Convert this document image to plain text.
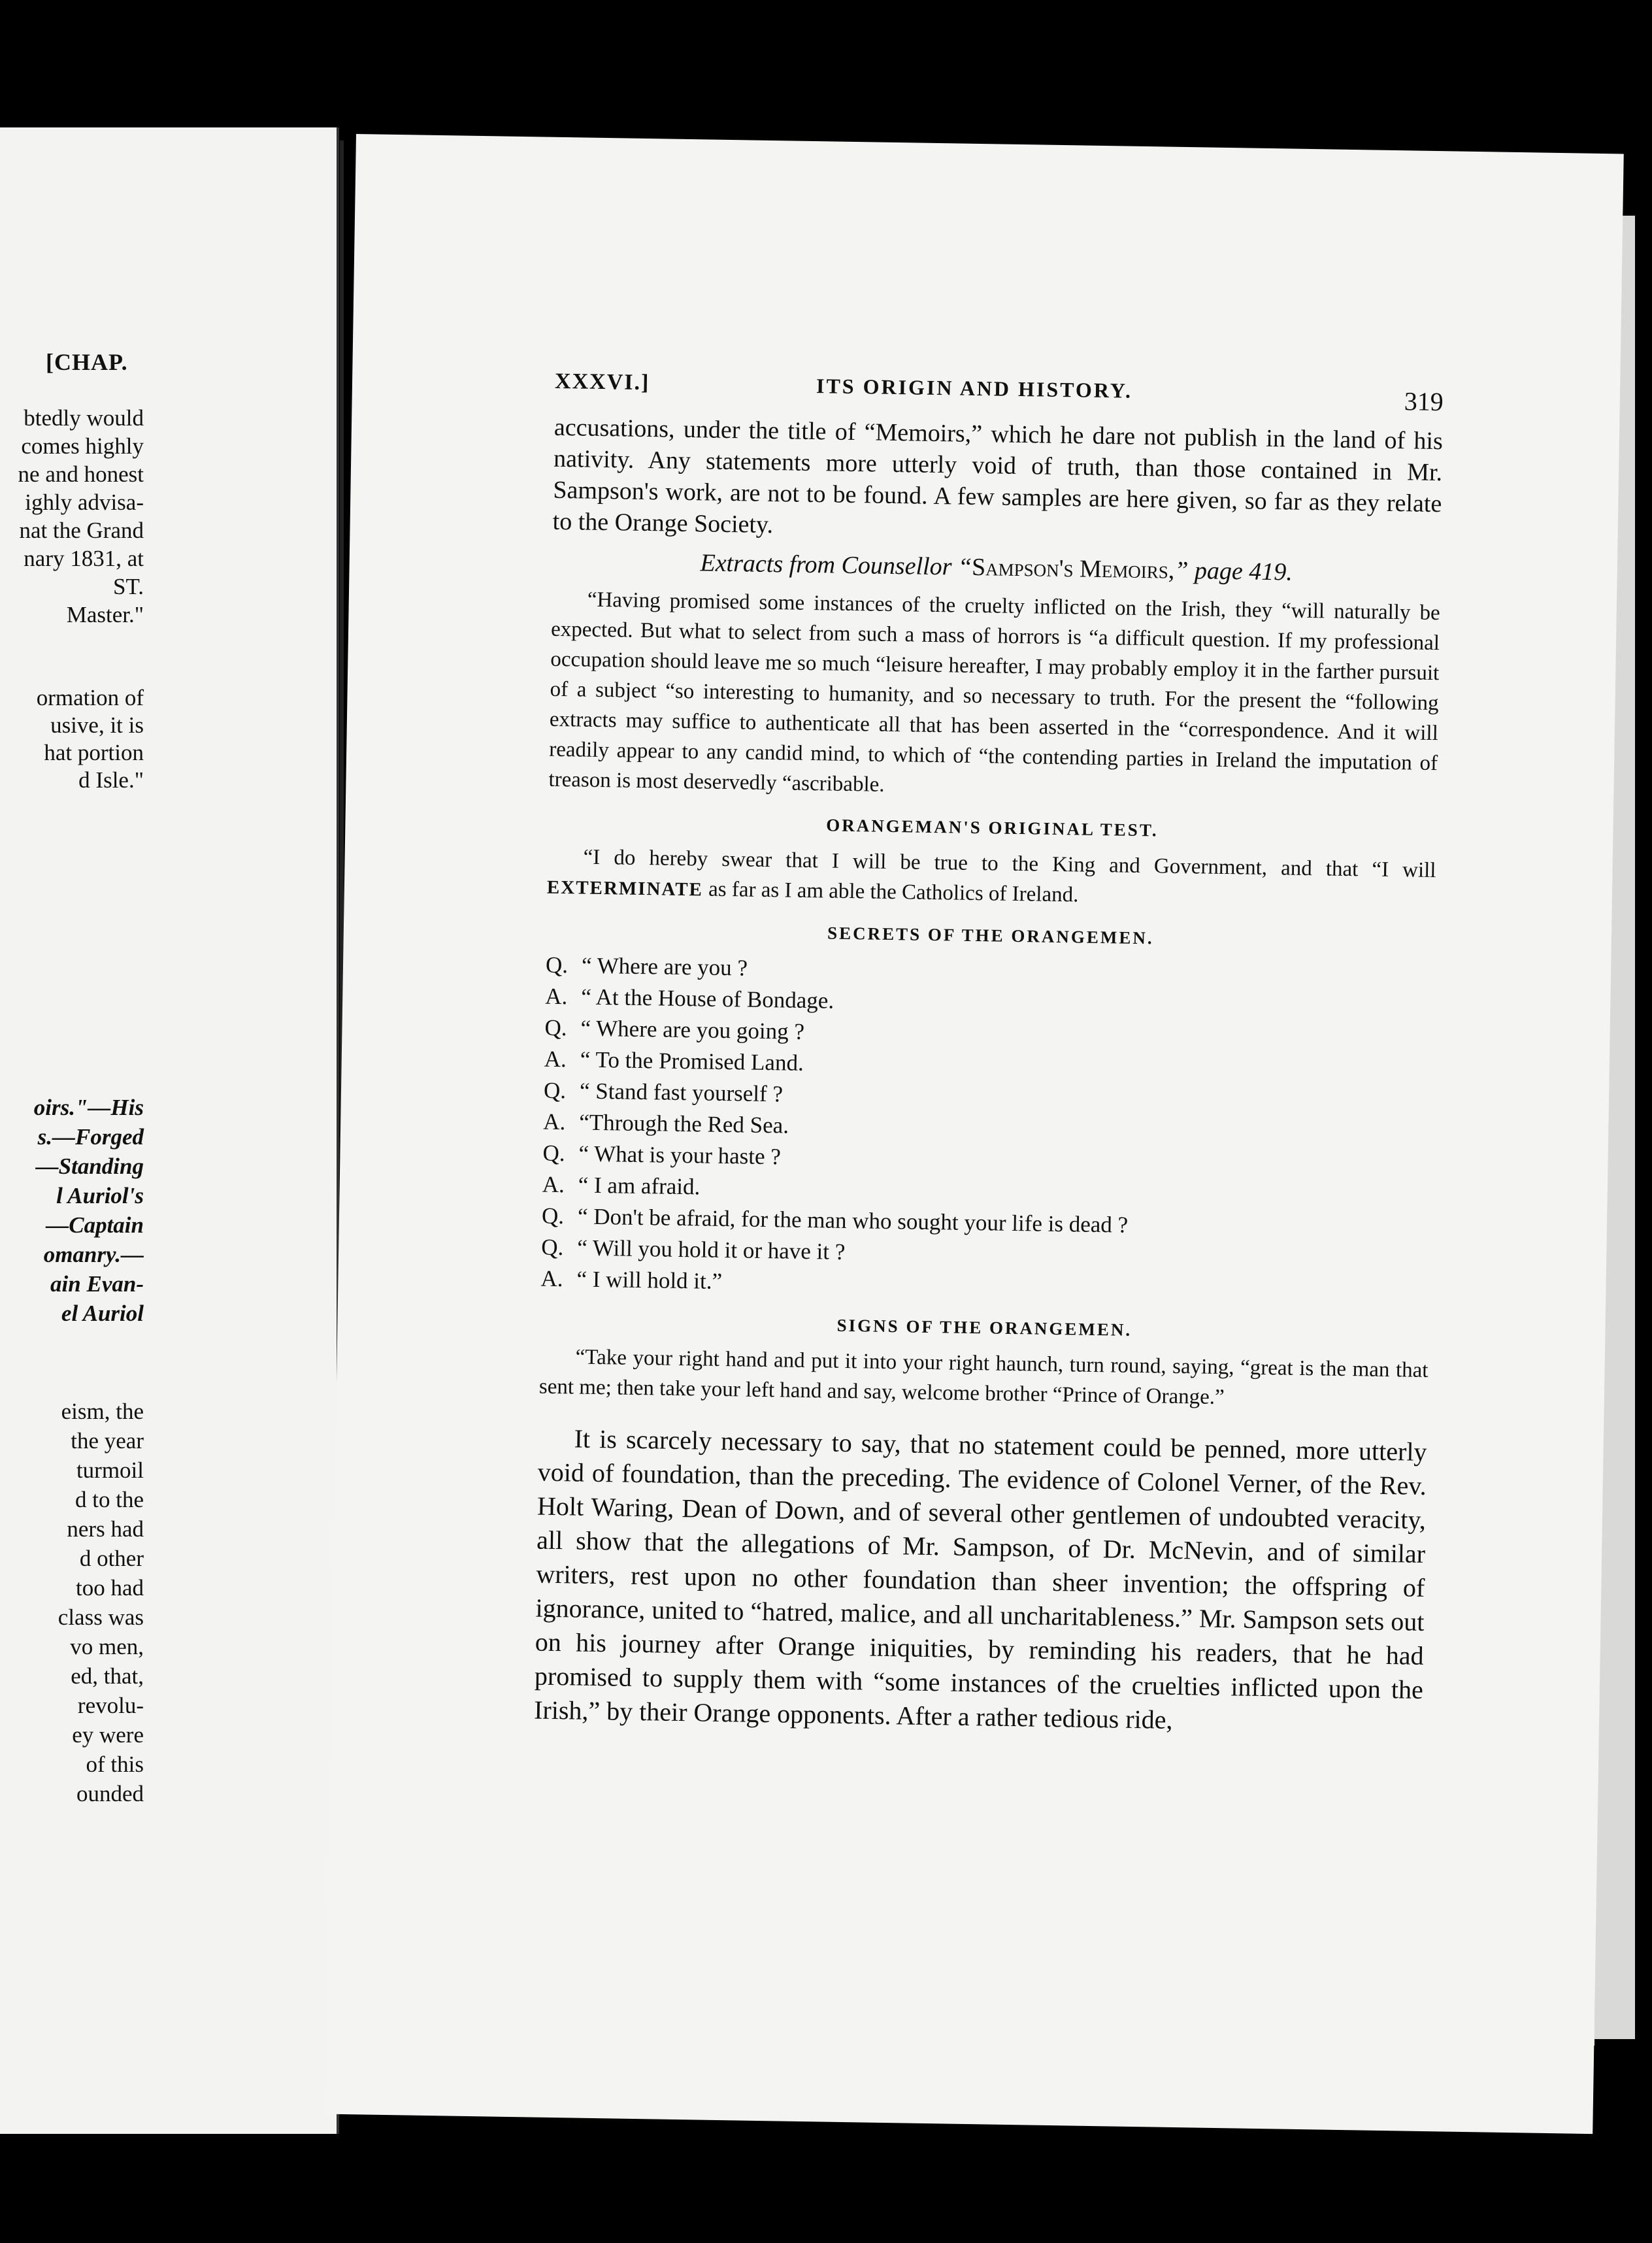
[CHAP.
btedly would
comes highly
ne and honest
ighly advisa-
nat the Grand
nary 1831, at
ST.
Master."
ormation of
usive, it is
hat portion
d Isle."
oirs."—His
s.—Forged
—Standing
l Auriol's
—Captain
omanry.—
ain Evan-
el Auriol
eism, the
the year
turmoil
d to the
ners had
d other
too had
class was
vo men,
ed, that,
revolu-
ey were
of this
ounded
XXXVI.]	ITS ORIGIN AND HISTORY.	319

accusations, under the title of “Memoirs,” which he dare not publish in the land of his nativity. Any statements more utterly void of truth, than those contained in Mr. Sampson's work, are not to be found. A few samples are here given, so far as they relate to the Orange Society.

Extracts from Counsellor “Sampson's Memoirs,” page 419.

“Having promised some instances of the cruelty inflicted on the Irish, they “will naturally be expected. But what to select from such a mass of horrors is “a difficult question. If my professional occupation should leave me so much “leisure hereafter, I may probably employ it in the farther pursuit of a subject “so interesting to humanity, and so necessary to truth. For the present the “following extracts may suffice to authenticate all that has been asserted in the “correspondence. And it will readily appear to any candid mind, to which of “the contending parties in Ireland the imputation of treason is most deservedly “ascribable.

ORANGEMAN'S ORIGINAL TEST.

“I do hereby swear that I will be true to the King and Government, and that “I will EXTERMINATE as far as I am able the Catholics of Ireland.

SECRETS OF THE ORANGEMEN.
Q. “ Where are you ?
A. “ At the House of Bondage.
Q. “ Where are you going ?
A. “ To the Promised Land.
Q. “ Stand fast yourself ?
A. “Through the Red Sea.
Q. “ What is your haste ?
A. “ I am afraid.
Q. “ Don't be afraid, for the man who sought your life is dead ?
Q. “ Will you hold it or have it ?
A. “ I will hold it.”
SIGNS OF THE ORANGEMEN.

“Take your right hand and put it into your right haunch, turn round, saying, “great is the man that sent me; then take your left hand and say, welcome brother “Prince of Orange.”

It is scarcely necessary to say, that no statement could be penned, more utterly void of foundation, than the preceding. The evidence of Colonel Verner, of the Rev. Holt Waring, Dean of Down, and of several other gentlemen of undoubted veracity, all show that the allegations of Mr. Sampson, of Dr. McNevin, and of similar writers, rest upon no other foundation than sheer invention; the offspring of ignorance, united to “hatred, malice, and all uncharitableness.” Mr. Sampson sets out on his journey after Orange iniquities, by reminding his readers, that he had promised to supply them with “some instances of the cruelties inflicted upon the Irish,” by their Orange opponents. After a rather tedious ride,
